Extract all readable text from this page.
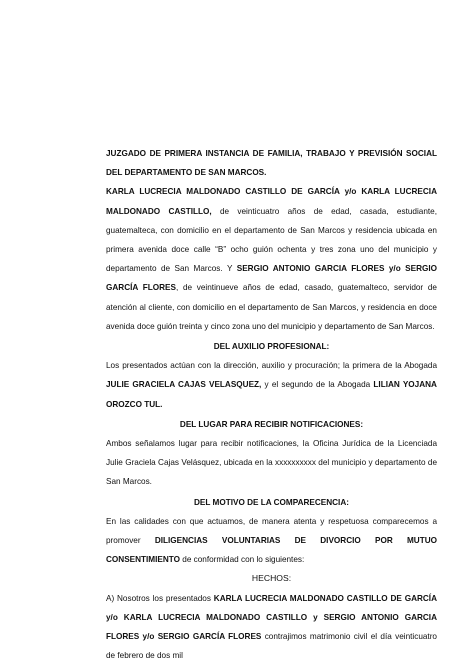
JUZGADO DE PRIMERA INSTANCIA DE FAMILIA, TRABAJO Y PREVISIÓN SOCIAL DEL DEPARTAMENTO DE SAN MARCOS.

KARLA LUCRECIA MALDONADO CASTILLO DE GARCÍA y/o KARLA LUCRECIA MALDONADO CASTILLO, de veinticuatro años de edad, casada, estudiante, guatemalteca, con domicilio en el departamento de San Marcos y residencia ubicada en primera avenida doce calle “B” ocho guión ochenta y tres zona uno del municipio y departamento de San Marcos. Y SERGIO ANTONIO GARCIA FLORES y/o SERGIO GARCÍA FLORES, de veintinueve años de edad, casado, guatemalteco, servidor de atención al cliente, con domicilio en el departamento de San Marcos, y residencia en doce avenida doce guión treinta y cinco zona uno del municipio y departamento de San Marcos.

DEL AUXILIO PROFESIONAL:

Los presentados actúan con la dirección, auxilio y procuración; la primera de la Abogada JULIE GRACIELA CAJAS VELASQUEZ, y el segundo de la Abogada LILIAN YOJANA OROZCO TUL.

DEL LUGAR PARA RECIBIR NOTIFICACIONES:

Ambos señalamos lugar para recibir notificaciones, la Oficina Jurídica de la Licenciada Julie Graciela Cajas Velásquez, ubicada en la xxxxxxxxxx del municipio y departamento de San Marcos.

DEL MOTIVO DE LA COMPARECENCIA:

En las calidades con que actuamos, de manera atenta y respetuosa comparecemos a promover DILIGENCIAS VOLUNTARIAS DE DIVORCIO POR MUTUO CONSENTIMIENTO de conformidad con lo siguientes:

HECHOS:

A) Nosotros los presentados KARLA LUCRECIA MALDONADO CASTILLO DE GARCÍA y/o KARLA LUCRECIA MALDONADO CASTILLO y SERGIO ANTONIO GARCIA FLORES y/o SERGIO GARCÍA FLORES contrajimos matrimonio civil el día veinticuatro de febrero de dos mil
